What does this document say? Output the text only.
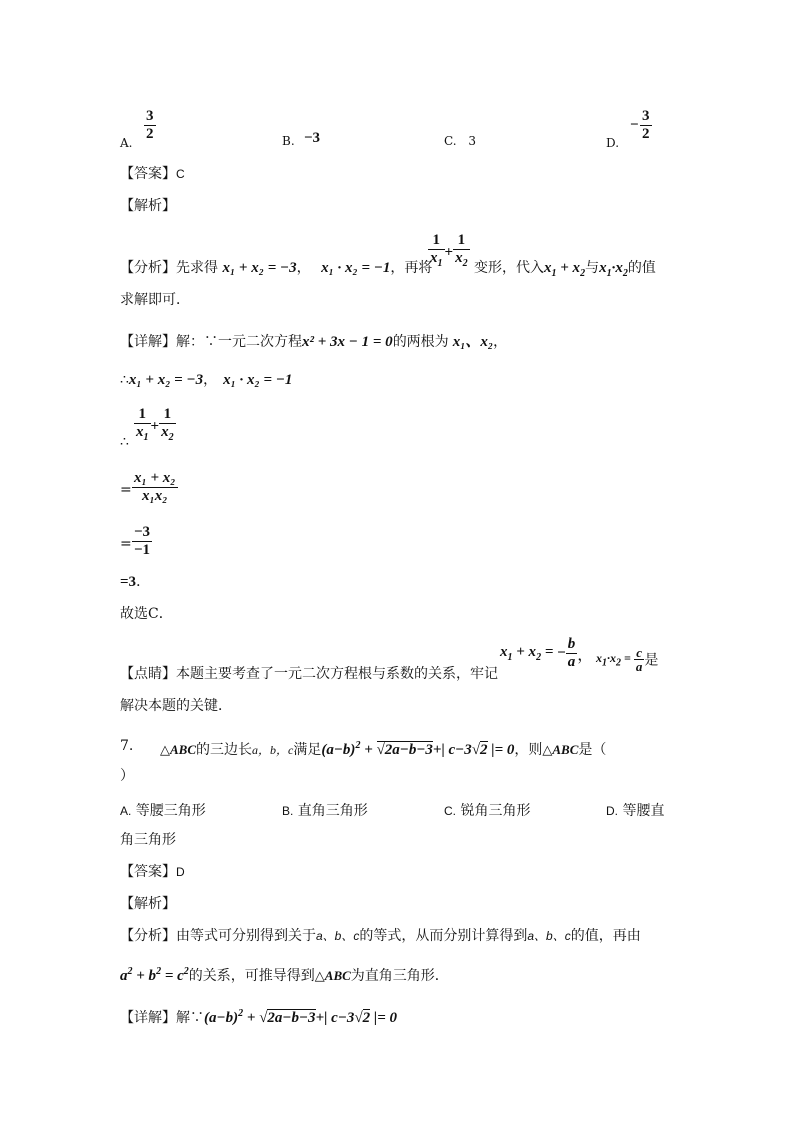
A. $\frac{3}{2}$	B. −3	C. 3	D.
− $\frac{3}{2}$
【答案】C
【解析】
【分析】先求得 x₁ + x₂ = −3， x₁ · x₂ = −1，再将
$\frac{1}{x_1} + \frac{1}{x_2}$ 变形，代入$x_1 + x_2$与$x_1\cdot x_2$的值
求解即可．
【详解】解：∵一元二次方程x² + 3x − 1 = 0的两根为 x₁、x₂，
∴x₁ + x₂ = −3， x₁ · x₂ = −1
∴ $\frac{1}{x_1} + \frac{1}{x_2}$
= $\frac{\text{x₁ + x₂}}{\text{x₁x₂}}$
= $\frac{-3}{-1}$
=3．
故选C．
【点睛】本题主要考查了一元二次方程根与系数的关系，牢记
$x_1 + x_2$ = − $\frac{b}{a}$ ， $x_1\cdot x_2 = \frac{c}{a}$ 是
解决本题的关键．
7. △ABC的三边长a，b，c满足$(a-b)^2 + √2a-b-3+|$ c−3√2 |= 0，则△ABC是（
）
A. 等腰三角形	B. 直角三角形	C. 锐角三角形	D. 等腰直
角三角形
【答案】D
【解析】
【分析】由等式可分别得到关于a、b、c的等式，从而分别计算得到a、b、c的值，再由
$a^2 + b^2 = c^2$的关系，可推导得到△ABC为直角三角形．
【详解】解$\because(a-b)^2 + √2a-b-3+|$ c−3√2 |= 0
